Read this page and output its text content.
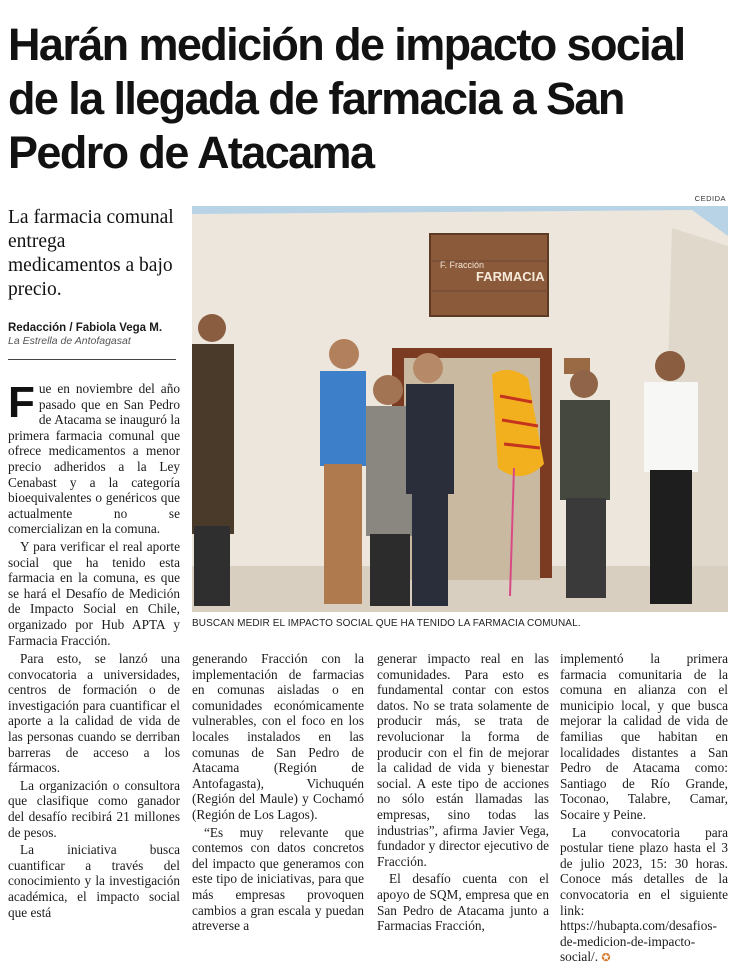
Harán medición de impacto social de la llegada de farmacia a San Pedro de Atacama
La farmacia comunal entrega medicamentos a bajo precio.
Redacción / Fabiola Vega M.
La Estrella de Antofagasat
CEDIDA
F. Fracción
FARMACIA
BUSCAN MEDIR EL IMPACTO SOCIAL QUE HA TENIDO LA FARMACIA COMUNAL.

Fue en noviembre del año pasado que en San Pedro de Atacama se inauguró la primera farmacia comunal que ofrece medicamentos a menor precio adheridos a la Ley Cenabast y a la categoría bioequivalentes o genéricos que actualmente no se comercializan en la comuna.

Y para verificar el real aporte social que ha tenido esta farmacia en la comuna, es que se hará el Desafío de Medición de Impacto Social en Chile, organizado por Hub APTA y Farmacia Fracción.

Para esto, se lanzó una convocatoria a universidades, centros de formación o de investigación para cuantificar el aporte a la calidad de vida de las personas cuando se derriban barreras de acceso a los fármacos.

La organización o consultora que clasifique como ganador del desafío recibirá 21 millones de pesos.

La iniciativa busca cuantificar a través del conocimiento y la investigación académica, el impacto social que está

generando Fracción con la implementación de farmacias en comunas aisladas o en comunidades económicamente vulnerables, con el foco en los locales instalados en las comunas de San Pedro de Atacama (Región de Antofagasta), Vichuquén (Región del Maule) y Cochamó (Región de Los Lagos).

“Es muy relevante que contemos con datos concretos del impacto que generamos con este tipo de iniciativas, para que más empresas provoquen cambios a gran escala y puedan atreverse a

generar impacto real en las comunidades. Para esto es fundamental contar con estos datos. No se trata solamente de producir más, se trata de revolucionar la forma de producir con el fin de mejorar la calidad de vida y bienestar social. A este tipo de acciones no sólo están llamadas las empresas, sino todas las industrias”, afirma Javier Vega, fundador y director ejecutivo de Fracción.

El desafío cuenta con el apoyo de SQM, empresa que en San Pedro de Atacama junto a Farmacias Fracción,

implementó la primera farmacia comunitaria de la comuna en alianza con el municipio local, y que busca mejorar la calidad de vida de familias que habitan en localidades distantes a San Pedro de Atacama como: Santiago de Río Grande, Toconao, Talabre, Camar, Socaire y Peine.

La convocatoria para postular tiene plazo hasta el 3 de julio 2023, 15: 30 horas. Conoce más detalles de la convocatoria en el siguiente link: https://hubapta.com/desafios-de-medicion-de-impacto-social/. ✪
